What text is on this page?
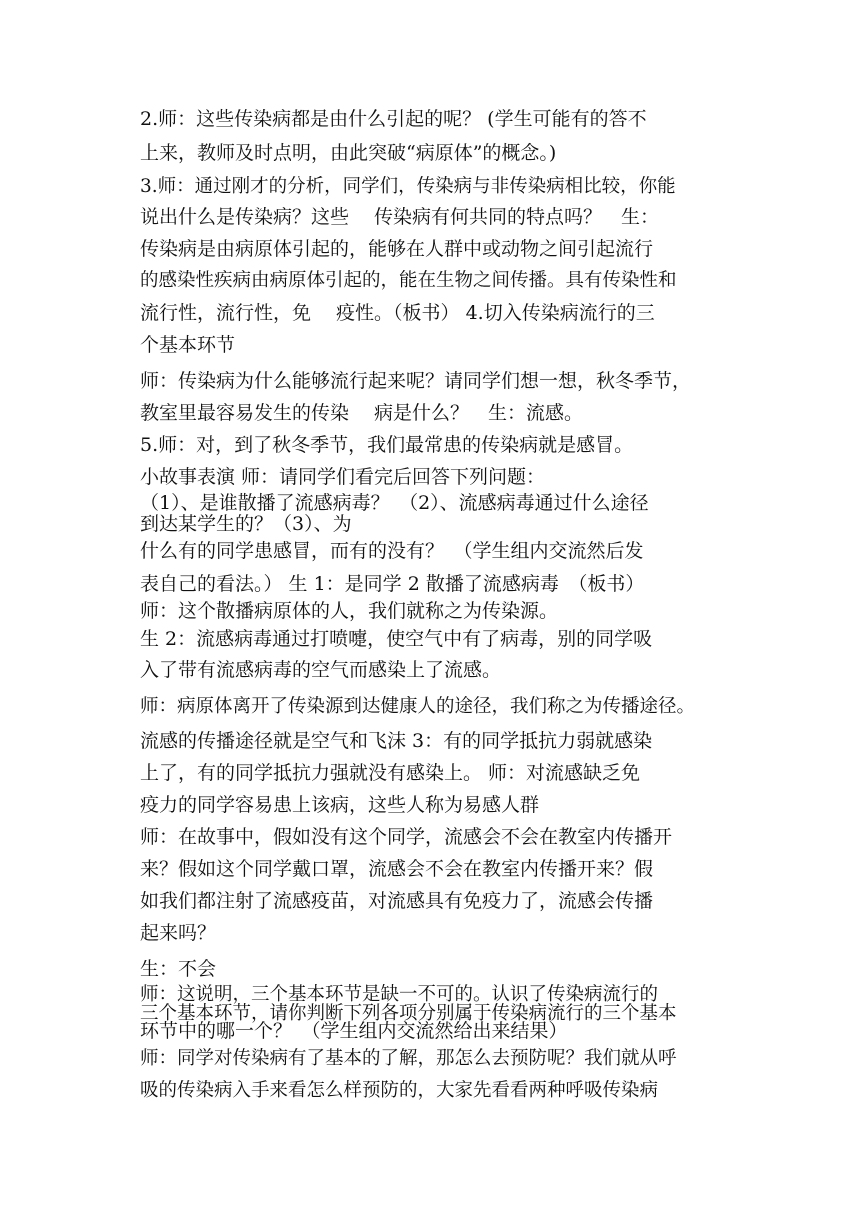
2.师：这些传染病都是由什么引起的呢？ (学生可能有的答不
上来，教师及时点明，由此突破“病原体”的概念。)
3.师：通过刚才的分析，同学们，传染病与非传染病相比较，你能
说出什么是传染病？这些　 传染病有何共同的特点吗？　生：
传染病是由病原体引起的，能够在人群中或动物之间引起流行
的感染性疾病由病原体引起的，能在生物之间传播。具有传染性和
流行性，流行性，免　 疫性。（板书） 4.切入传染病流行的三
个基本环节
师：传染病为什么能够流行起来呢？请同学们想一想，秋冬季节，
教室里最容易发生的传染　 病是什么？　生：流感。
5.师：对，到了秋冬季节，我们最常患的传染病就是感冒。
小故事表演 师：请同学们看完后回答下列问题：
（1）、是谁散播了流感病毒？　（2）、流感病毒通过什么途径
到达某学生的？（3）、为
什么有的同学患感冒，而有的没有？　（学生组内交流然后发
表自己的看法。） 生 1：是同学 2 散播了流感病毒　（板书）
师：这个散播病原体的人，我们就称之为传染源。
生 2：流感病毒通过打喷嚏，使空气中有了病毒，别的同学吸
入了带有流感病毒的空气而感染上了流感。
师：病原体离开了传染源到达健康人的途径，我们称之为传播途径。
流感的传播途径就是空气和飞沫 3：有的同学抵抗力弱就感染
上了，有的同学抵抗力强就没有感染上。 师：对流感缺乏免
疫力的同学容易患上该病，这些人称为易感人群
师：在故事中，假如没有这个同学，流感会不会在教室内传播开
来？假如这个同学戴口罩，流感会不会在教室内传播开来？假
如我们都注射了流感疫苗，对流感具有免疫力了，流感会传播
起来吗？
生：不会
师：这说明，三个基本环节是缺一不可的。认识了传染病流行的
三个基本环节，请你判断下列各项分别属于传染病流行的三个基本
环节中的哪一个？　（学生组内交流然给出来结果）
师：同学对传染病有了基本的了解，那怎么去预防呢？我们就从呼
吸的传染病入手来看怎么样预防的，大家先看看两种呼吸传染病
